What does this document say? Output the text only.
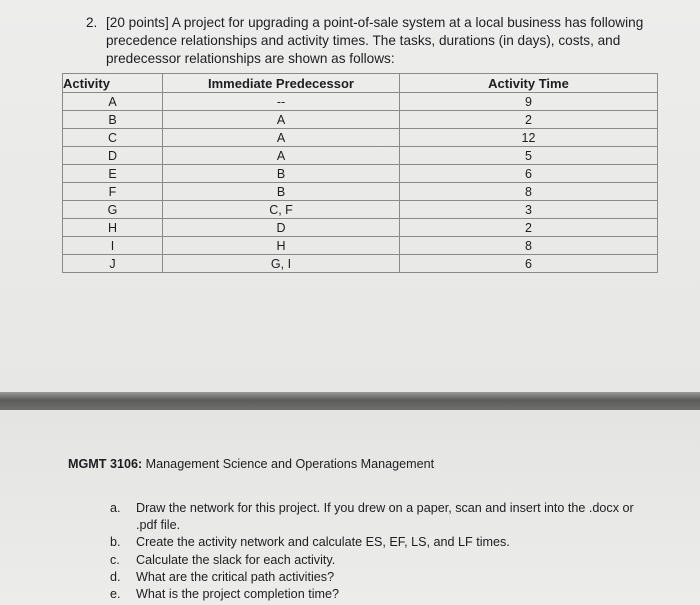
2. [20 points] A project for upgrading a point-of-sale system at a local business has following precedence relationships and activity times. The tasks, durations (in days), costs, and predecessor relationships are shown as follows:
Activity	Immediate Predecessor	Activity Time
A	--	9
B	A	2
C	A	12
D	A	5
E	B	6
F	B	8
G	C, F	3
H	D	2
I	H	8
J	G, I	6
MGMT 3106: Management Science and Operations Management
a. Draw the network for this project. If you drew on a paper, scan and insert into the .docx or .pdf file.
b. Create the activity network and calculate ES, EF, LS, and LF times.
c. Calculate the slack for each activity.
d. What are the critical path activities?
e. What is the project completion time?
